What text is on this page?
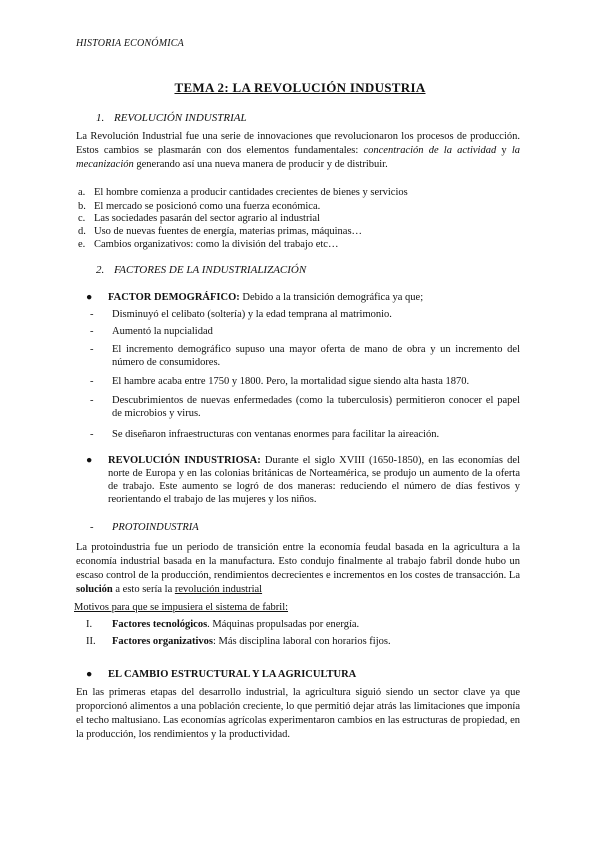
HISTORIA ECONÓMICA
TEMA 2: LA REVOLUCIÓN INDUSTRIA
1. REVOLUCIÓN INDUSTRIAL
La Revolución Industrial fue una serie de innovaciones que revolucionaron los procesos de producción. Estos cambios se plasmarán con dos elementos fundamentales: concentración de la actividad y la mecanización generando así una nueva manera de producir y de distribuir.
a. El hombre comienza a producir cantidades crecientes de bienes y servicios
b. El mercado se posicionó como una fuerza económica.
c. Las sociedades pasarán del sector agrario al industrial
d. Uso de nuevas fuentes de energía, materias primas, máquinas…
e. Cambios organizativos: como la división del trabajo etc…
2. FACTORES DE LA INDUSTRIALIZACIÓN
● FACTOR DEMOGRÁFICO: Debido a la transición demográfica ya que;
- Disminuyó el celibato (soltería) y la edad temprana al matrimonio.
- Aumentó la nupcialidad
- El incremento demográfico supuso una mayor oferta de mano de obra y un incremento del número de consumidores.
- El hambre acaba entre 1750 y 1800. Pero, la mortalidad sigue siendo alta hasta 1870.
- Descubrimientos de nuevas enfermedades (como la tuberculosis) permitieron conocer el papel de microbios y virus.
- Se diseñaron infraestructuras con ventanas enormes para facilitar la aireación.
● REVOLUCIÓN INDUSTRIOSA: Durante el siglo XVIII (1650-1850), en las economías del norte de Europa y en las colonias británicas de Norteamérica, se produjo un aumento de la oferta de trabajo. Este aumento se logró de dos maneras: reduciendo el número de días festivos y reorientando el trabajo de las mujeres y los niños.
- PROTOINDUSTRIA
La protoindustria fue un periodo de transición entre la economía feudal basada en la agricultura a la economía industrial basada en la manufactura. Esto condujo finalmente al trabajo fabril donde hubo un escaso control de la producción, rendimientos decrecientes e incrementos en los costes de transacción. La solución a esto sería la revolución industrial
Motivos para que se impusiera el sistema de fabril:
I. Factores tecnológicos. Máquinas propulsadas por energía.
II. Factores organizativos: Más disciplina laboral con horarios fijos.
● EL CAMBIO ESTRUCTURAL Y LA AGRICULTURA
En las primeras etapas del desarrollo industrial, la agricultura siguió siendo un sector clave ya que proporcionó alimentos a una población creciente, lo que permitió dejar atrás las limitaciones que imponía el techo maltusiano. Las economías agrícolas experimentaron cambios en las estructuras de propiedad, en la producción, los rendimientos y la productividad.
